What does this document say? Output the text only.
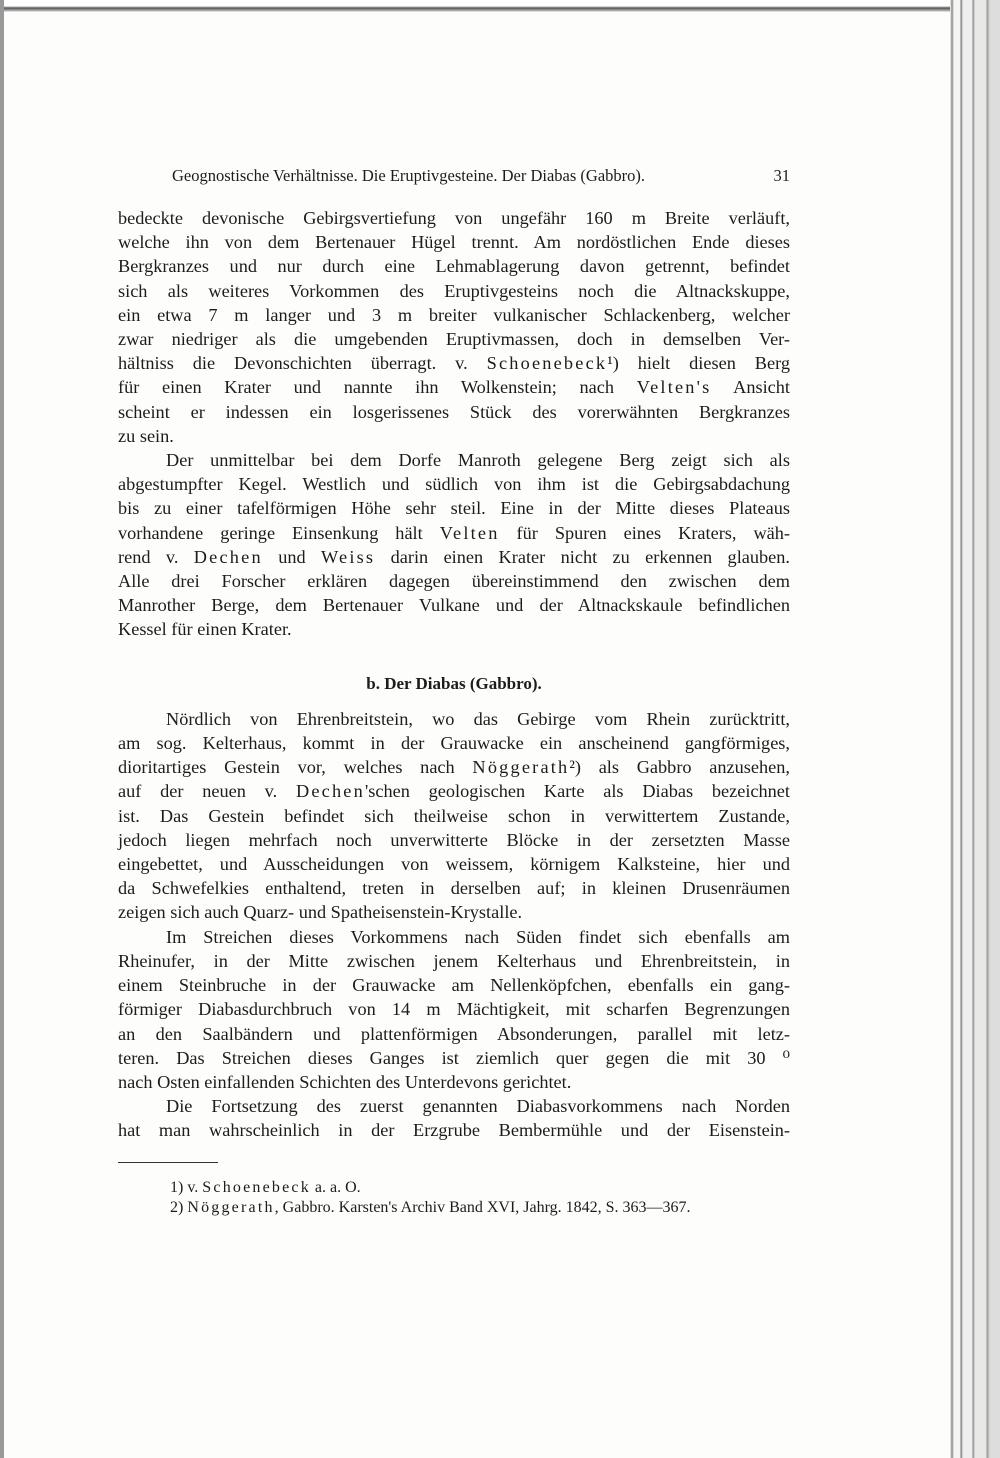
Geognostische Verhältnisse. Die Eruptivgesteine. Der Diabas (Gabbro).	31
bedeckte devonische Gebirgsvertiefung von ungefähr 160 m Breite verläuft,
welche ihn von dem Bertenauer Hügel trennt. Am nordöstlichen Ende dieses
Bergkranzes und nur durch eine Lehmablagerung davon getrennt, befindet
sich als weiteres Vorkommen des Eruptivgesteins noch die Altnackskuppe,
ein etwa 7 m langer und 3 m breiter vulkanischer Schlackenberg, welcher
zwar niedriger als die umgebenden Eruptivmassen, doch in demselben Ver-
hältniss die Devonschichten überragt. v. Schoenebeck¹) hielt diesen Berg
für einen Krater und nannte ihn Wolkenstein; nach Velten's Ansicht
scheint er indessen ein losgerissenes Stück des vorerwähnten Bergkranzes
zu sein.
Der unmittelbar bei dem Dorfe Manroth gelegene Berg zeigt sich als
abgestumpfter Kegel. Westlich und südlich von ihm ist die Gebirgsabdachung
bis zu einer tafelförmigen Höhe sehr steil. Eine in der Mitte dieses Plateaus
vorhandene geringe Einsenkung hält Velten für Spuren eines Kraters, wäh-
rend v. Dechen und Weiss darin einen Krater nicht zu erkennen glauben.
Alle drei Forscher erklären dagegen übereinstimmend den zwischen dem
Manrother Berge, dem Bertenauer Vulkane und der Altnackskaule befindlichen
Kessel für einen Krater.
b. Der Diabas (Gabbro).
Nördlich von Ehrenbreitstein, wo das Gebirge vom Rhein zurücktritt,
am sog. Kelterhaus, kommt in der Grauwacke ein anscheinend gangförmiges,
dioritartiges Gestein vor, welches nach Nöggerath²) als Gabbro anzusehen,
auf der neuen v. Dechen'schen geologischen Karte als Diabas bezeichnet
ist. Das Gestein befindet sich theilweise schon in verwittertem Zustande,
jedoch liegen mehrfach noch unverwitterte Blöcke in der zersetzten Masse
eingebettet, und Ausscheidungen von weissem, körnigem Kalksteine, hier und
da Schwefelkies enthaltend, treten in derselben auf; in kleinen Drusenräumen
zeigen sich auch Quarz- und Spatheisenstein-Krystalle.
Im Streichen dieses Vorkommens nach Süden findet sich ebenfalls am
Rheinufer, in der Mitte zwischen jenem Kelterhaus und Ehrenbreitstein, in
einem Steinbruche in der Grauwacke am Nellenköpfchen, ebenfalls ein gang-
förmiger Diabasdurchbruch von 14 m Mächtigkeit, mit scharfen Begrenzungen
an den Saalbändern und plattenförmigen Absonderungen, parallel mit letz-
teren. Das Streichen dieses Ganges ist ziemlich quer gegen die mit 30 ⁰
nach Osten einfallenden Schichten des Unterdevons gerichtet.
Die Fortsetzung des zuerst genannten Diabasvorkommens nach Norden
hat man wahrscheinlich in der Erzgrube Bembermühle und der Eisenstein-
1) v. Schoenebeck a. a. O.
2) Nöggerath, Gabbro. Karsten's Archiv Band XVI, Jahrg. 1842, S. 363—367.
